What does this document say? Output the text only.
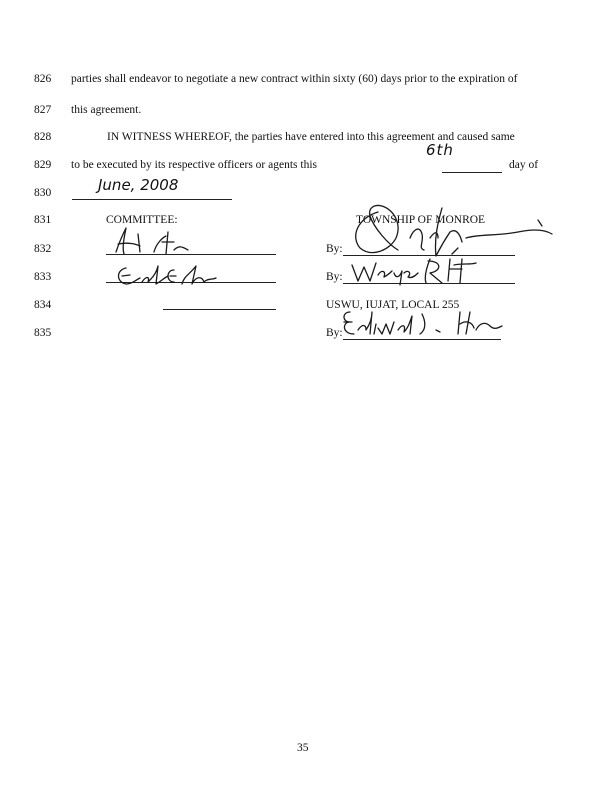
826
827
828
829
830
831
832
833
834
835
parties shall endeavor to negotiate a new contract within sixty (60) days prior to the expiration of
this agreement.
IN WITNESS WHEREOF, the parties have entered into this agreement and caused same
to be executed by its respective officers or agents this
6th
day of
June, 2008
COMMITTEE:	TOWNSHIP OF MONROE
By:
By:
USWU, IUJAT, LOCAL 255
By:
35
